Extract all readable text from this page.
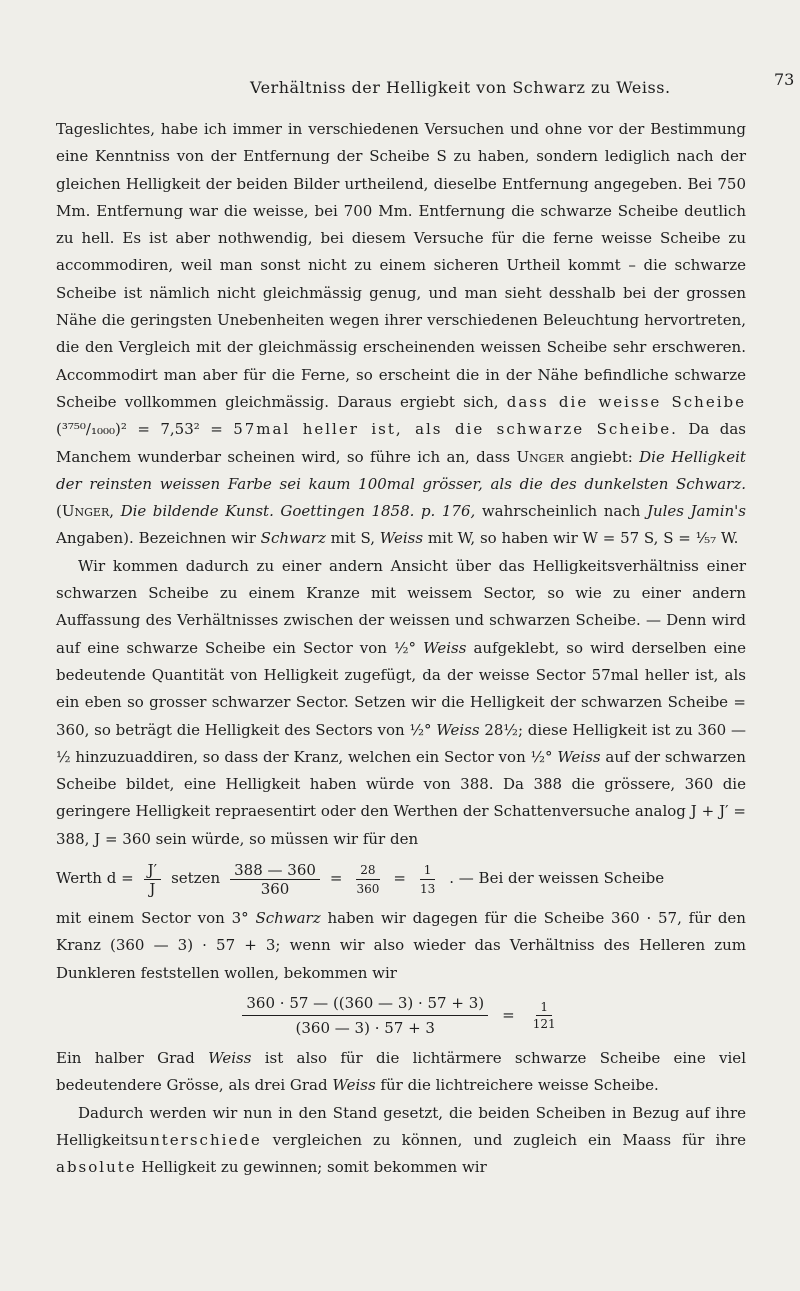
Verhältniss der Helligkeit von Schwarz zu Weiss.	73

Tageslichtes, habe ich immer in verschiedenen Versuchen und ohne vor der Bestimmung eine Kenntniss von der Entfernung der Scheibe S zu haben, sondern lediglich nach der gleichen Helligkeit der beiden Bilder urtheilend, dieselbe Entfernung angegeben. Bei 750 Mm. Entfernung war die weisse, bei 700 Mm. Entfernung die schwarze Scheibe deutlich zu hell. Es ist aber nothwendig, bei diesem Versuche für die ferne weisse Scheibe zu accommodiren, weil man sonst nicht zu einem sicheren Urtheil kommt – die schwarze Scheibe ist nämlich nicht gleichmässig genug, und man sieht desshalb bei der grossen Nähe die geringsten Unebenheiten wegen ihrer verschiedenen Beleuchtung hervortreten, die den Vergleich mit der gleichmässig erscheinenden weissen Scheibe sehr erschweren. Accommodirt man aber für die Ferne, so erscheint die in der Nähe befindliche schwarze Scheibe vollkommen gleichmässig. Daraus ergiebt sich, dass die weisse Scheibe (³⁷⁵⁰/₁₀₀₀)² = 7,53² = 57mal heller ist, als die schwarze Scheibe. Da das Manchem wunderbar scheinen wird, so führe ich an, dass Unger angiebt: Die Helligkeit der reinsten weissen Farbe sei kaum 100mal grösser, als die des dunkelsten Schwarz. (Unger, Die bildende Kunst. Goettingen 1858. p. 176, wahrscheinlich nach Jules Jamin's Angaben). Bezeichnen wir Schwarz mit S, Weiss mit W, so haben wir W = 57 S, S = ¹⁄₅₇ W.

Wir kommen dadurch zu einer andern Ansicht über das Helligkeitsverhältniss einer schwarzen Scheibe zu einem Kranze mit weissem Sector, so wie zu einer andern Auffassung des Verhältnisses zwischen der weissen und schwarzen Scheibe. — Denn wird auf eine schwarze Scheibe ein Sector von ½° Weiss aufgeklebt, so wird derselben eine bedeutende Quantität von Helligkeit zugefügt, da der weisse Sector 57mal heller ist, als ein eben so grosser schwarzer Sector. Setzen wir die Helligkeit der schwarzen Scheibe = 360, so beträgt die Helligkeit des Sectors von ½° Weiss 28½; diese Helligkeit ist zu 360 — ½ hinzuzuaddiren, so dass der Kranz, welchen ein Sector von ½° Weiss auf der schwarzen Scheibe bildet, eine Helligkeit haben würde von 388. Da 388 die grössere, 360 die geringere Helligkeit repraesentirt oder den Werthen der Schattenversuche analog J + J′ = 388, J = 360 sein würde, so müssen wir für den

Werth $d = \frac{J'}{J}$ setzen $\frac{388 — 360}{360} = \frac{28}{360} = \frac{1}{13}$ . — Bei der weissen Scheibe

mit einem Sector von 3° Schwarz haben wir dagegen für die Scheibe 360 · 57, für den Kranz (360 — 3) · 57 + 3; wenn wir also wieder das Verhältniss des Helleren zum Dunkleren feststellen wollen, bekommen wir

$\frac{360 \cdot 57 — ((360 — 3) \cdot 57 + 3)}{(360 — 3) \cdot 57 + 3} = \frac{1}{121}$

Ein halber Grad Weiss ist also für die lichtärmere schwarze Scheibe eine viel bedeutendere Grösse, als drei Grad Weiss für die lichtreichere weisse Scheibe.

Dadurch werden wir nun in den Stand gesetzt, die beiden Scheiben in Bezug auf ihre Helligkeitsunterschiede vergleichen zu können, und zugleich ein Maass für ihre absolute Helligkeit zu gewinnen; somit bekommen wir
